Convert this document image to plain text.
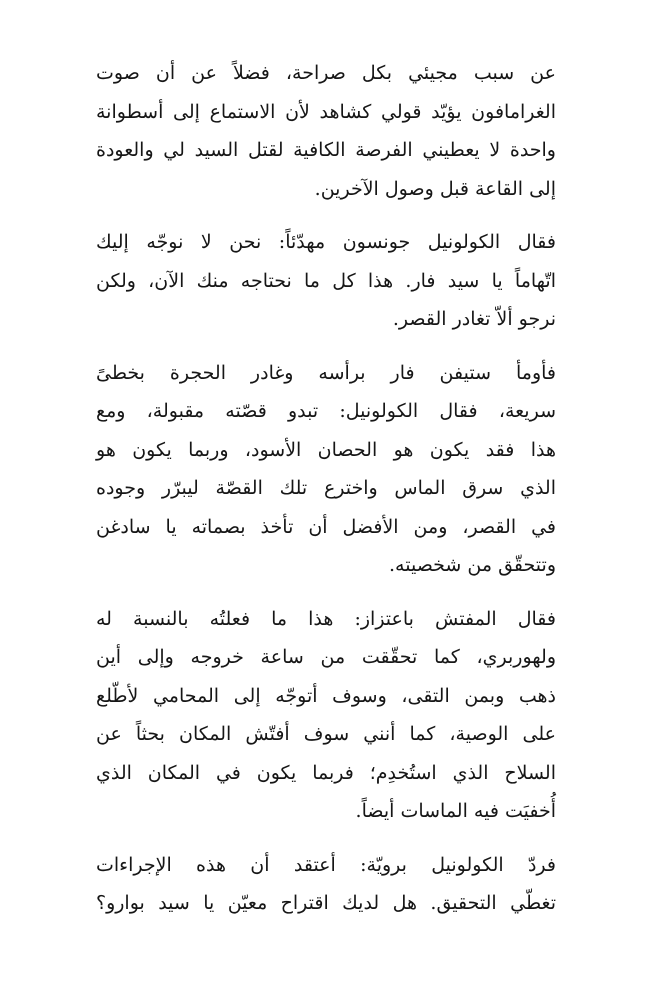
عن سبب مجيئي بكل صراحة، فضلاً عن أن صوت
الغرامافون يؤيّد قولي كشاهد لأن الاستماع إلى أسطوانة
واحدة لا يعطيني الفرصة الكافية لقتل السيد لي والعودة
إلى القاعة قبل وصول الآخرين.

فقال الكولونيل جونسون مهدّئاً: نحن لا نوجّه إليك
اتّهاماً يا سيد فار. هذا كل ما نحتاجه منك الآن، ولكن
نرجو ألاّ تغادر القصر.

فأومأ ستيفن فار برأسه وغادر الحجرة بخطىً
سريعة، فقال الكولونيل: تبدو قصّته مقبولة، ومع
هذا فقد يكون هو الحصان الأسود، وربما يكون هو
الذي سرق الماس واخترع تلك القصّة ليبرّر وجوده
في القصر، ومن الأفضل أن تأخذ بصماته يا سادغن
وتتحقّق من شخصيته.

فقال المفتش باعتزاز: هذا ما فعلتُه بالنسبة له
ولهوربري، كما تحقّقت من ساعة خروجه وإلى أين
ذهب وبمن التقى، وسوف أتوجّه إلى المحامي لأطّلع
على الوصية، كما أنني سوف أفتّش المكان بحثاً عن
السلاح الذي استُخدِم؛ فربما يكون في المكان الذي
أُخفيَت فيه الماسات أيضاً.

فردّ الكولونيل برويّة: أعتقد أن هذه الإجراءات
تغطّي التحقيق. هل لديك اقتراح معيّن يا سيد بوارو؟
